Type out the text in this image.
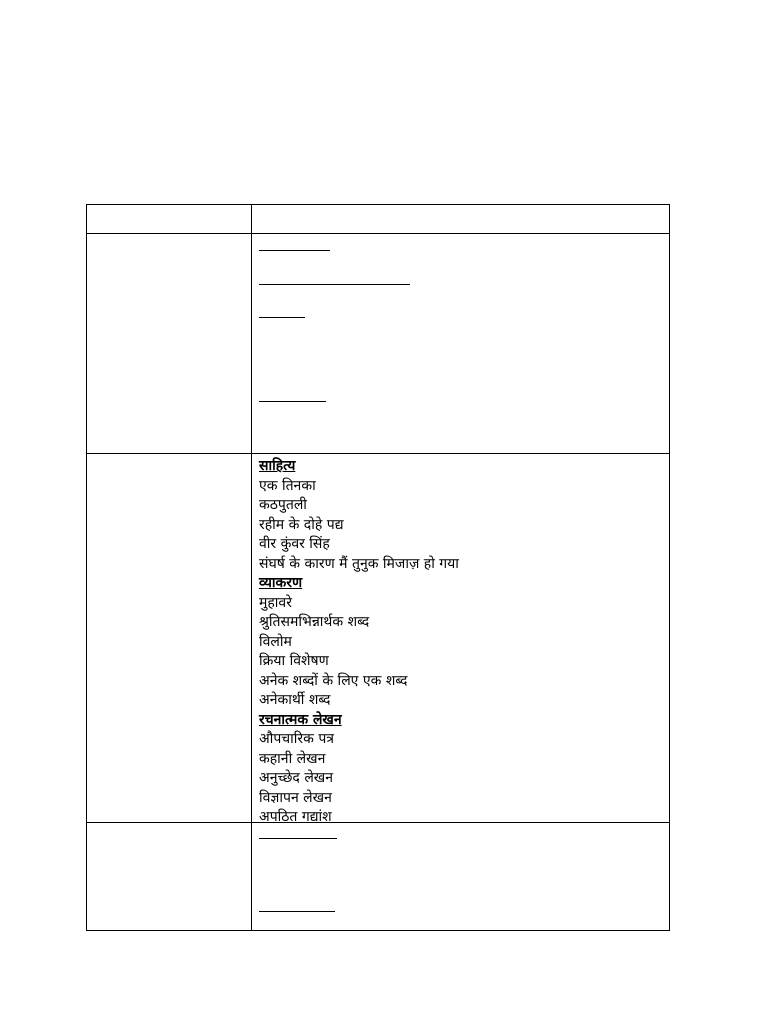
साहित्य
एक तिनका
कठपुतली
रहीम के दोहे पद्य
वीर कुंवर सिंह
संघर्ष के कारण मैं तुनुक मिजाज़ हो गया
व्याकरण
मुहावरे
श्रुतिसमभिन्नार्थक शब्द
विलोम
क्रिया विशेषण
अनेक शब्दों के लिए एक शब्द
अनेकार्थी शब्द
रचनात्मक लेखन
औपचारिक पत्र
कहानी लेखन
अनुच्छेद लेखन
विज्ञापन लेखन
अपठित गद्यांश
